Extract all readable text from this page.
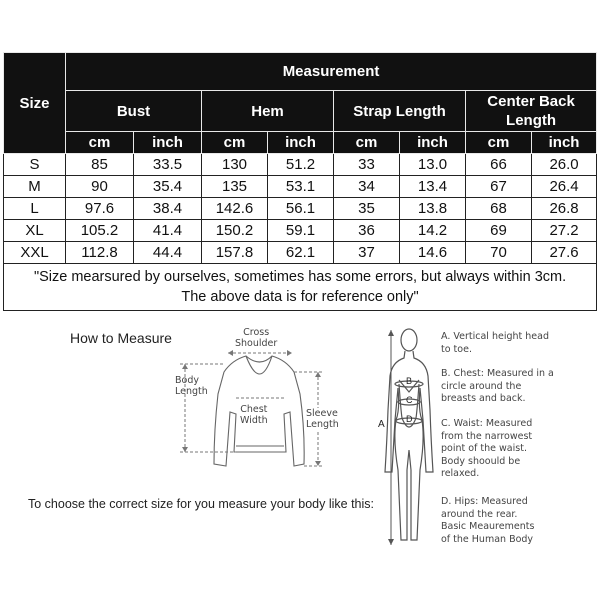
Size	Measurement							
	Bust		Hem		Strap Length		Center Back Length	
	cm	inch	cm	inch	cm	inch	cm	inch
S	85	33.5	130	51.2	33	13.0	66	26.0
M	90	35.4	135	53.1	34	13.4	67	26.4
L	97.6	38.4	142.6	56.1	35	13.8	68	26.8
XL	105.2	41.4	150.2	59.1	36	14.2	69	27.2
XXL	112.8	44.4	157.8	62.1	37	14.6	70	27.6

"Size mearsured by ourselves, sometimes has some errors, but always within 3cm.
The above data is for reference only"								
How to Measure	Cross
Shoulder
Body
Length
Chest
Width
Sleeve
Length
To choose the correct size for you measure your body like this:
A
B
C
D
A. Vertical height head
to toe.
B. Chest: Measured in a
circle around the
breasts and back.
C. Waist: Measured
from the narrowest
point of the waist.
Body shoould be
relaxed.
D. Hips: Measured
around the rear.
Basic Meaurements
of the Human Body
